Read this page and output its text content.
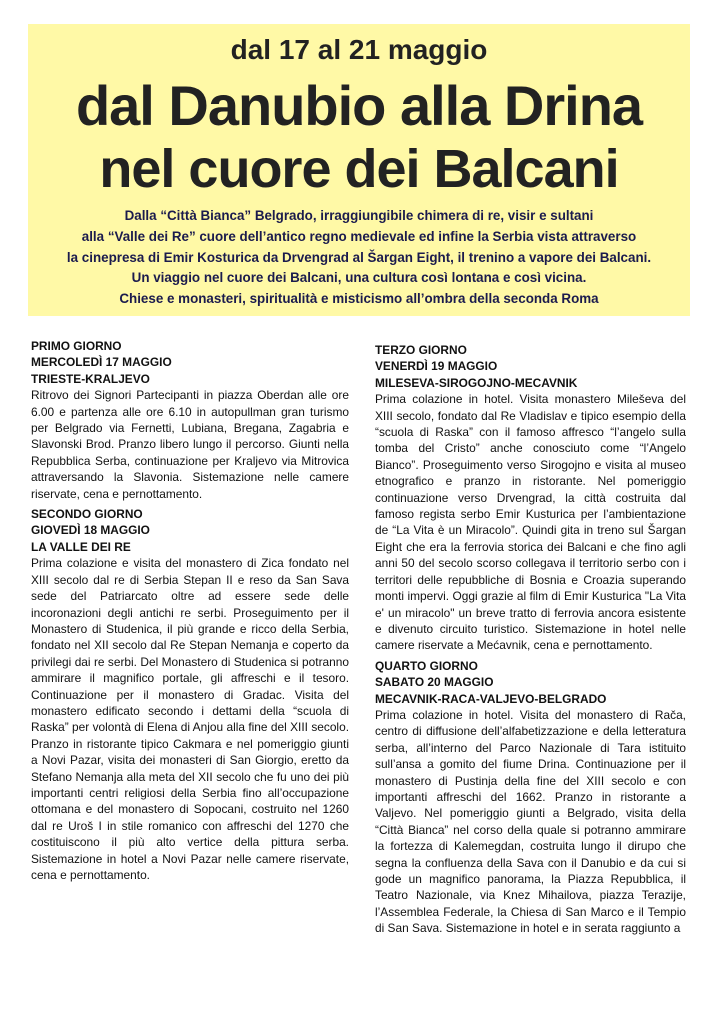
dal 17 al 21 maggio
dal Danubio alla Drina
nel cuore dei Balcani
Dalla “Città Bianca” Belgrado, irraggiungibile chimera di re, visir e sultani
alla “Valle dei Re” cuore dell’antico regno medievale ed infine la Serbia vista attraverso
la cinepresa di Emir Kosturica da Drvengrad al Šargan Eight, il trenino a vapore dei Balcani.
Un viaggio nel cuore dei Balcani, una cultura così lontana e così vicina.
Chiese e monasteri, spiritualità e misticismo all’ombra della seconda Roma
PRIMO GIORNO
MERCOLEDÌ 17 MAGGIO
TRIESTE-KRALJEVO

Ritrovo dei Signori Partecipanti in piazza Oberdan alle ore 6.00 e partenza alle ore 6.10 in autopullman gran turismo per Belgrado via Fernetti, Lubiana, Bregana, Zagabria e Slavonski Brod. Pranzo libero lungo il percorso. Giunti nella Repubblica Serba, continuazione per Kraljevo via Mitrovica attraversando la Slavonia. Sistemazione nelle camere riservate, cena e pernottamento.

SECONDO GIORNO
GIOVEDÌ 18 MAGGIO
LA VALLE DEI RE

Prima colazione e visita del monastero di Zica fondato nel XIII secolo dal re di Serbia Stepan II e reso da San Sava sede del Patriarcato oltre ad essere sede delle incoronazioni degli antichi re serbi. Proseguimento per il Monastero di Studenica, il più grande e ricco della Serbia, fondato nel XII secolo dal Re Stepan Nemanja e coperto da privilegi dai re serbi. Del Monastero di Studenica si potranno ammirare il magnifico portale, gli affreschi e il tesoro. Continuazione per il monastero di Gradac. Visita del monastero edificato secondo i dettami della “scuola di Raska” per volontà di Elena di Anjou alla fine del XIII secolo. Pranzo in ristorante tipico Cakmara e nel pomeriggio giunti a Novi Pazar, visita dei monasteri di San Giorgio, eretto da Stefano Nemanja alla meta del XII secolo che fu uno dei più importanti centri religiosi della Serbia fino all’occupazione ottomana e del monastero di Sopocani, costruito nel 1260 dal re Uroš I in stile romanico con affreschi del 1270 che costituiscono il più alto vertice della pittura serba. Sistemazione in hotel a Novi Pazar nelle camere riservate, cena e pernottamento.

TERZO GIORNO
VENERDÌ 19 MAGGIO
MILESEVA-SIROGOJNO-MECAVNIK

Prima colazione in hotel. Visita monastero Mileševa del XIII secolo, fondato dal Re Vladislav e tipico esempio della “scuola di Raska” con il famoso affresco “l’angelo sulla tomba del Cristo” anche conosciuto come “l’Angelo Bianco”. Proseguimento verso Sirogojno e visita al museo etnografico e pranzo in ristorante. Nel pomeriggio continuazione verso Drvengrad, la città costruita dal famoso regista serbo Emir Kusturica per l’ambientazione de “La Vita è un Miracolo”. Quindi gita in treno sul Šargan Eight che era la ferrovia storica dei Balcani e che fino agli anni 50 del secolo scorso collegava il territorio serbo con i territori delle repubbliche di Bosnia e Croazia superando monti impervi. Oggi grazie al film di Emir Kusturica "La Vita e' un miracolo" un breve tratto di ferrovia ancora esistente e divenuto circuito turistico. Sistemazione in hotel nelle camere riservate a Mećavnik, cena e pernottamento.

QUARTO GIORNO
SABATO 20 MAGGIO
MECAVNIK-RACA-VALJEVO-BELGRADO

Prima colazione in hotel. Visita del monastero di Rača, centro di diffusione dell’alfabetizzazione e della letteratura serba, all’interno del Parco Nazionale di Tara istituito sull’ansa a gomito del fiume Drina. Continuazione per il monastero di Pustinja della fine del XIII secolo e con importanti affreschi del 1662. Pranzo in ristorante a Valjevo. Nel pomeriggio giunti a Belgrado, visita della “Città Bianca” nel corso della quale si potranno ammirare la fortezza di Kalemegdan, costruita lungo il dirupo che segna la confluenza della Sava con il Danubio e da cui si gode un magnifico panorama, la Piazza Repubblica, il Teatro Nazionale, via Knez Mihailova, piazza Terazije, l’Assemblea Federale, la Chiesa di San Marco e il Tempio di San Sava. Sistemazione in hotel e in serata raggiunto a
